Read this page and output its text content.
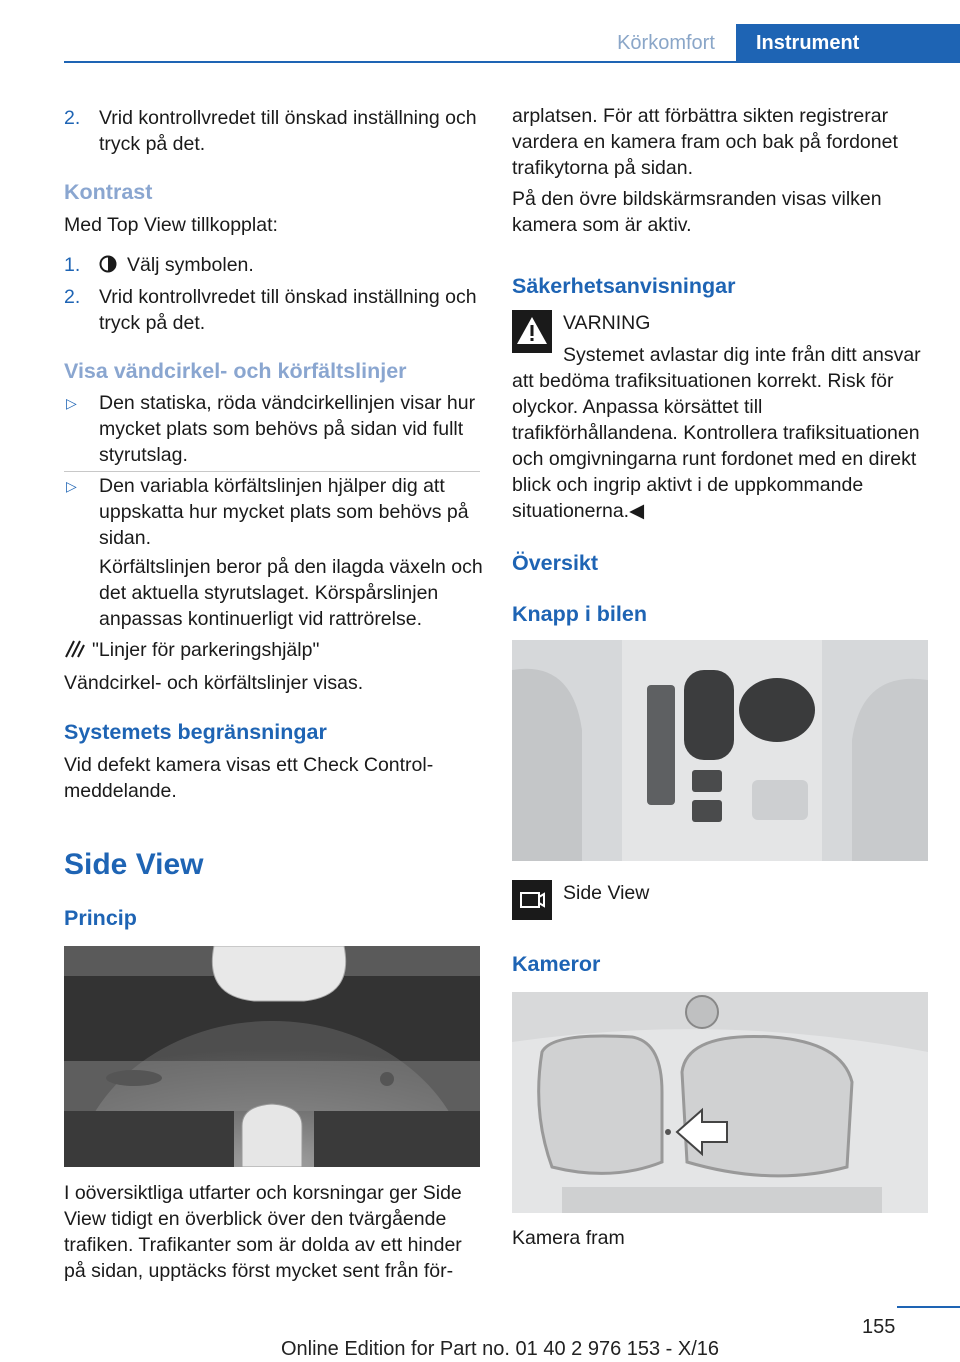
Körkomfort	Instrument
2. Vrid kontrollvredet till önskad inställning och tryck på det.
Kontrast
Med Top View tillkopplat:
1. Välj symbolen.
2. Vrid kontrollvredet till önskad inställning och tryck på det.
Visa vändcirkel- och körfältslinjer
▷ Den statiska, röda vändcirkellinjen visar hur mycket plats som behövs på sidan vid fullt styrutslag.
▷ Den variabla körfältslinjen hjälper dig att uppskatta hur mycket plats som behövs på sidan.
Körfältslinjen beror på den ilagda växeln och det aktuella styrutslaget. Körspårslinjen anpassas kontinuerligt vid rattrörelse.
"Linjer för parkeringshjälp"
Vändcirkel- och körfältslinjer visas.
Systemets begränsningar
Vid defekt kamera visas ett Check Control-meddelande.
Side View
Princip
I oöversiktliga utfarter och korsningar ger Side View tidigt en överblick över den tvärgående trafiken. Trafikanter som är dolda av ett hinder på sidan, upptäcks först mycket sent från för-
arplatsen. För att förbättra sikten registrerar vardera en kamera fram och bak på fordonet trafikytorna på sidan.
På den övre bildskärmsranden visas vilken kamera som är aktiv.
Säkerhetsanvisningar
VARNING
Systemet avlastar dig inte från ditt ansvar att bedöma trafiksituationen korrekt. Risk för olyckor. Anpassa körsättet till trafikförhållandena. Kontrollera trafiksituationen och omgivningarna runt fordonet med en direkt blick och ingrip aktivt i de uppkommande situationerna.◀
Översikt
Knapp i bilen
Side View
Kameror
Kamera fram
155
Online Edition for Part no. 01 40 2 976 153 - X/16
